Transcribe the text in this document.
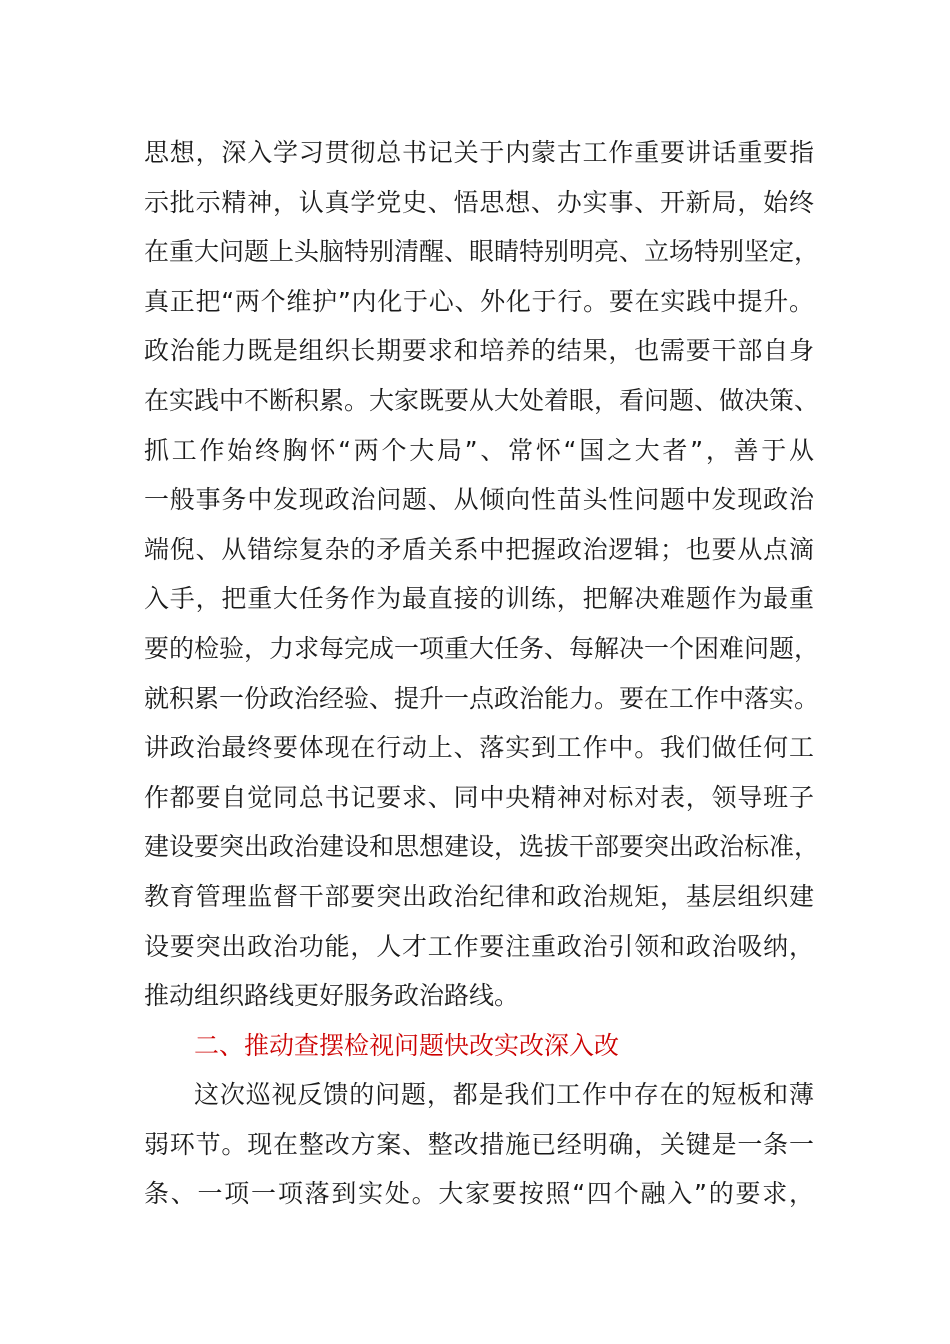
思想，深入学习贯彻总书记关于内蒙古工作重要讲话重要指
示批示精神，认真学党史、悟思想、办实事、开新局，始终
在重大问题上头脑特别清醒、眼睛特别明亮、立场特别坚定，
真正把“两个维护”内化于心、外化于行。要在实践中提升。
政治能力既是组织长期要求和培养的结果，也需要干部自身
在实践中不断积累。大家既要从大处着眼，看问题、做决策、
抓工作始终胸怀“两个大局”、常怀“国之大者”，善于从
一般事务中发现政治问题、从倾向性苗头性问题中发现政治
端倪、从错综复杂的矛盾关系中把握政治逻辑；也要从点滴
入手，把重大任务作为最直接的训练，把解决难题作为最重
要的检验，力求每完成一项重大任务、每解决一个困难问题，
就积累一份政治经验、提升一点政治能力。要在工作中落实。
讲政治最终要体现在行动上、落实到工作中。我们做任何工
作都要自觉同总书记要求、同中央精神对标对表，领导班子
建设要突出政治建设和思想建设，选拔干部要突出政治标准，
教育管理监督干部要突出政治纪律和政治规矩，基层组织建
设要突出政治功能，人才工作要注重政治引领和政治吸纳，
推动组织路线更好服务政治路线。
二、推动查摆检视问题快改实改深入改
这次巡视反馈的问题，都是我们工作中存在的短板和薄
弱环节。现在整改方案、整改措施已经明确，关键是一条一
条、一项一项落到实处。大家要按照“四个融入”的要求，
